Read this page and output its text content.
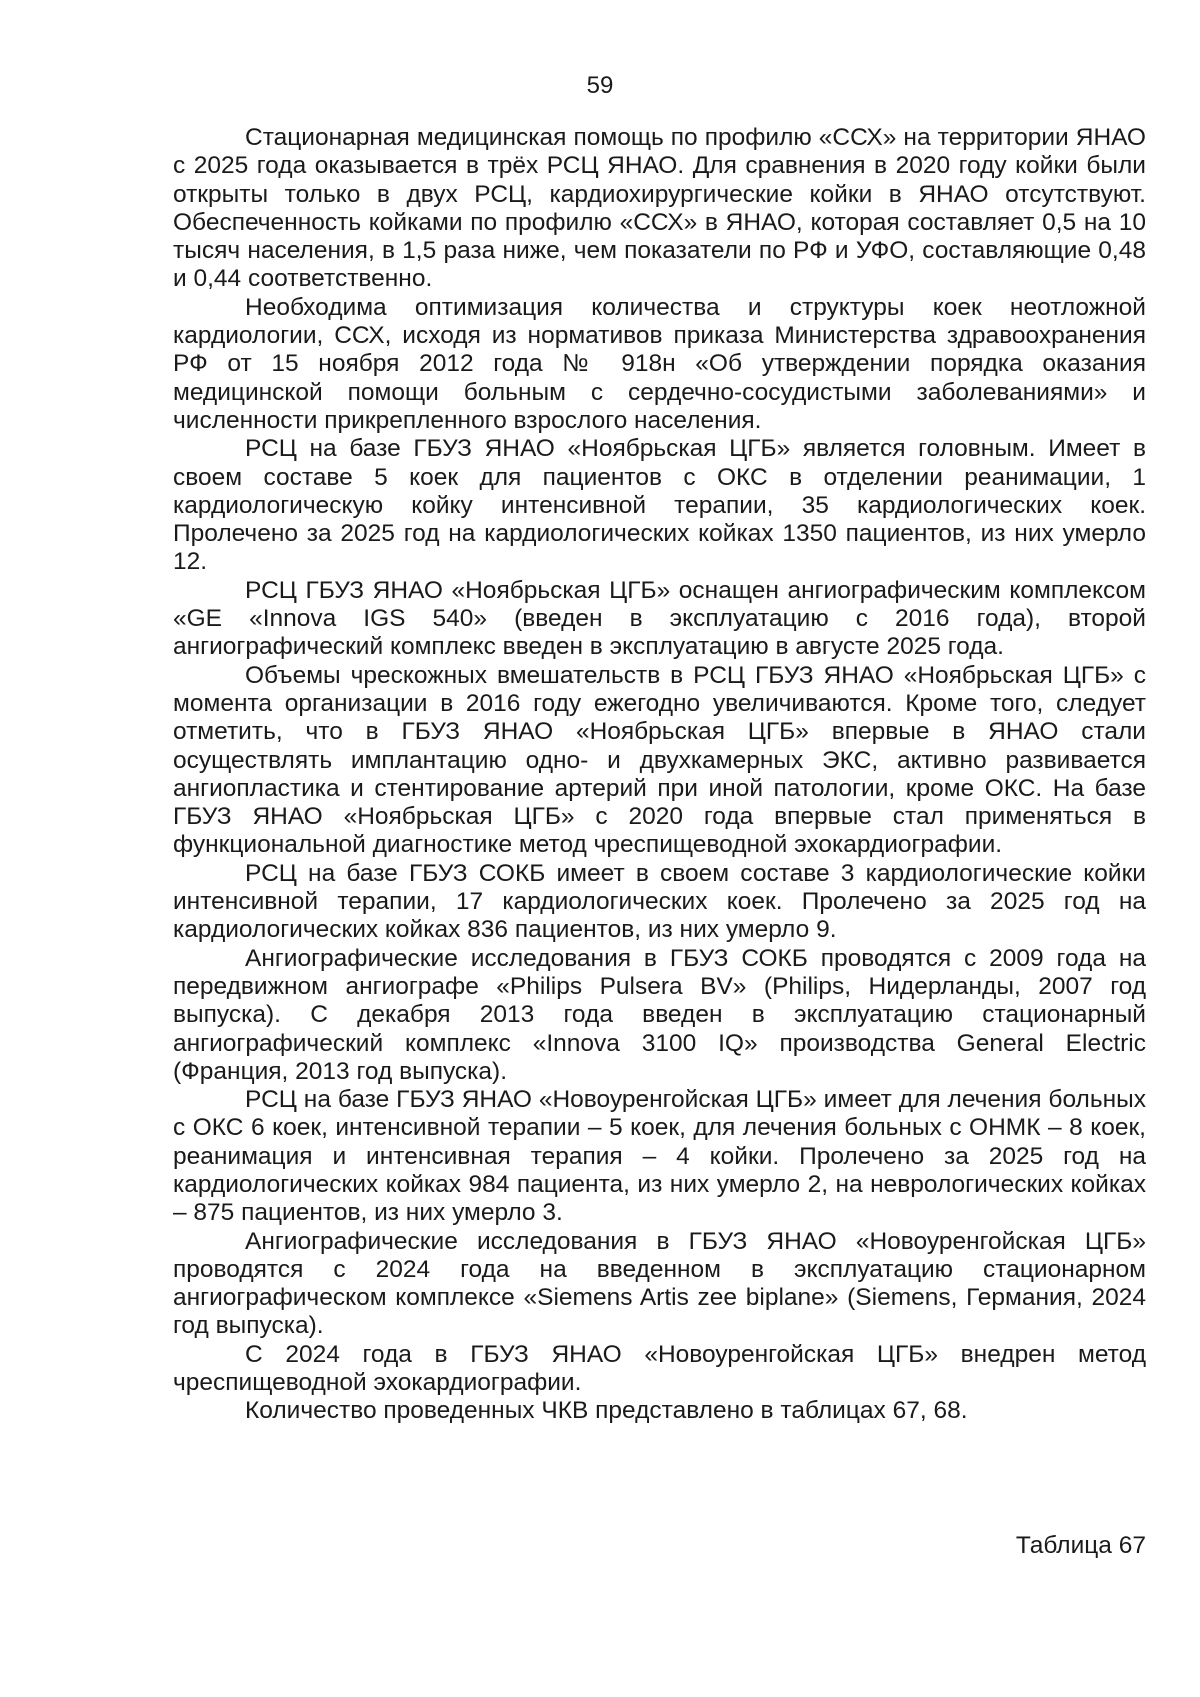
59

Стационарная медицинская помощь по профилю «ССХ» на территории ЯНАО с 2025 года оказывается в трёх РСЦ ЯНАО. Для сравнения в 2020 году койки были открыты только в двух РСЦ, кардиохирургические койки в ЯНАО отсутствуют. Обеспеченность койками по профилю «ССХ» в ЯНАО, которая составляет 0,5 на 10 тысяч населения, в 1,5 раза ниже, чем показатели по РФ и УФО, составляющие 0,48 и 0,44 соответственно.

Необходима оптимизация количества и структуры коек неотложной кардиологии, ССХ, исходя из нормативов приказа Министерства здравоохранения РФ от 15 ноября 2012 года № 918н «Об утверждении порядка оказания медицинской помощи больным с сердечно-сосудистыми заболеваниями» и численности прикрепленного взрослого населения.

РСЦ на базе ГБУЗ ЯНАО «Ноябрьская ЦГБ» является головным. Имеет в своем составе 5 коек для пациентов с ОКС в отделении реанимации, 1 кардиологическую койку интенсивной терапии, 35 кардиологических коек. Пролечено за 2025 год на кардиологических койках 1350 пациентов, из них умерло 12.

РСЦ ГБУЗ ЯНАО «Ноябрьская ЦГБ» оснащен ангиографическим комплексом «GE «Innova IGS 540» (введен в эксплуатацию с 2016 года), второй ангиографический комплекс введен в эксплуатацию в августе 2025 года.

Объемы чрескожных вмешательств в РСЦ ГБУЗ ЯНАО «Ноябрьская ЦГБ» с момента организации в 2016 году ежегодно увеличиваются. Кроме того, следует отметить, что в ГБУЗ ЯНАО «Ноябрьская ЦГБ» впервые в ЯНАО стали осуществлять имплантацию одно- и двухкамерных ЭКС, активно развивается ангиопластика и стентирование артерий при иной патологии, кроме ОКС. На базе ГБУЗ ЯНАО «Ноябрьская ЦГБ» с 2020 года впервые стал применяться в функциональной диагностике метод чреспищеводной эхокардиографии.

РСЦ на базе ГБУЗ СОКБ имеет в своем составе 3 кардиологические койки интенсивной терапии, 17 кардиологических коек. Пролечено за 2025 год на кардиологических койках 836 пациентов, из них умерло 9.

Ангиографические исследования в ГБУЗ СОКБ проводятся с 2009 года на передвижном ангиографе «Philips Pulsera BV» (Philips, Нидерланды, 2007 год выпуска). С декабря 2013 года введен в эксплуатацию стационарный ангиографический комплекс «Innova 3100 IQ» производства General Electric (Франция, 2013 год выпуска).

РСЦ на базе ГБУЗ ЯНАО «Новоуренгойская ЦГБ» имеет для лечения больных с ОКС 6 коек, интенсивной терапии – 5 коек, для лечения больных с ОНМК – 8 коек, реанимация и интенсивная терапия – 4 койки. Пролечено за 2025 год на кардиологических койках 984 пациента, из них умерло 2, на неврологических койках – 875 пациентов, из них умерло 3.

Ангиографические исследования в ГБУЗ ЯНАО «Новоуренгойская ЦГБ» проводятся с 2024 года на введенном в эксплуатацию стационарном ангиографическом комплексе «Siemens Artis zee biplane» (Siemens, Германия, 2024 год выпуска).

С 2024 года в ГБУЗ ЯНАО «Новоуренгойская ЦГБ» внедрен метод чреспищеводной эхокардиографии.

Количество проведенных ЧКВ представлено в таблицах 67, 68.

Таблица 67
